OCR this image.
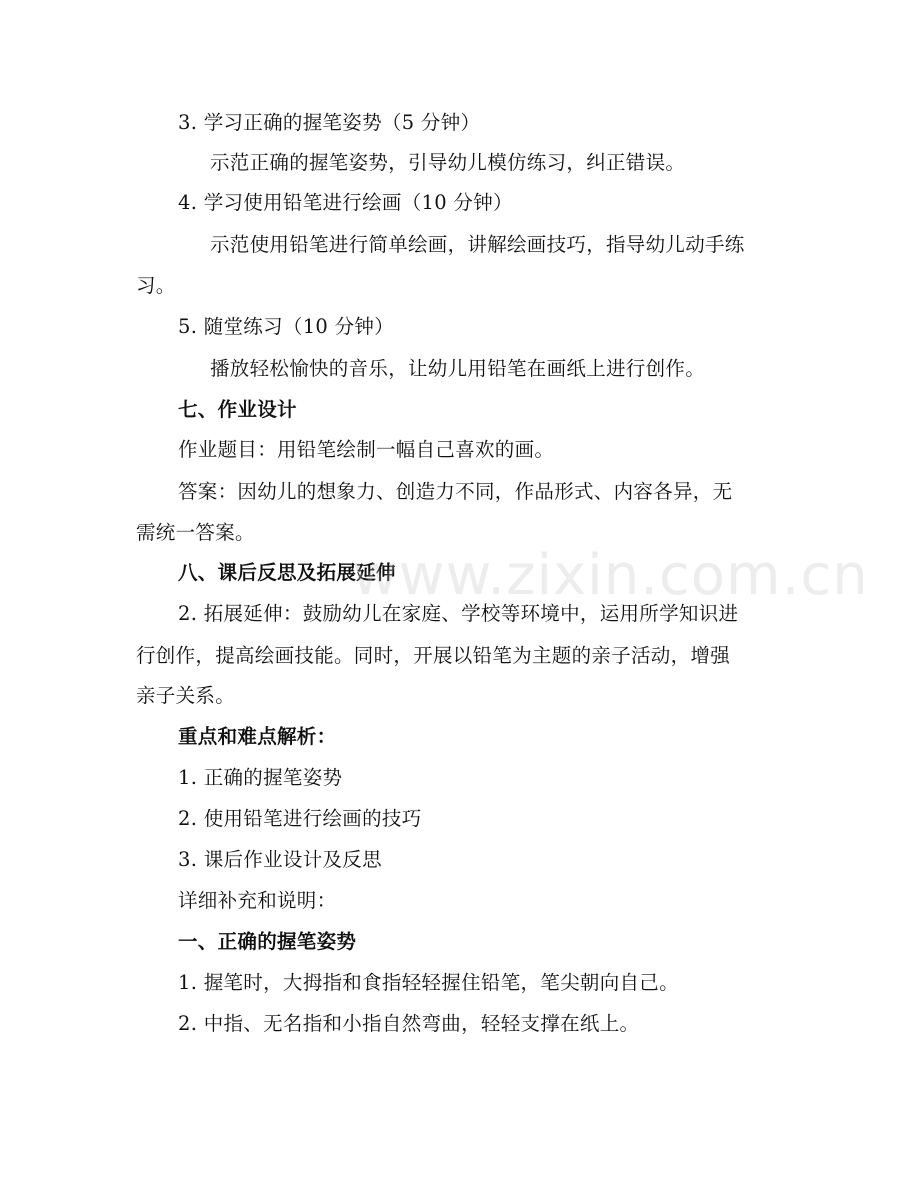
3. 学习正确的握笔姿势（5 分钟）
示范正确的握笔姿势，引导幼儿模仿练习，纠正错误。
4. 学习使用铅笔进行绘画（10 分钟）
示范使用铅笔进行简单绘画，讲解绘画技巧，指导幼儿动手练
习。
5. 随堂练习（10 分钟）
播放轻松愉快的音乐，让幼儿用铅笔在画纸上进行创作。
七、作业设计
作业题目：用铅笔绘制一幅自己喜欢的画。
答案：因幼儿的想象力、创造力不同，作品形式、内容各异，无
需统一答案。
八、课后反思及拓展延伸
2. 拓展延伸：鼓励幼儿在家庭、学校等环境中，运用所学知识进
行创作，提高绘画技能。同时，开展以铅笔为主题的亲子活动，增强
亲子关系。
重点和难点解析：
1. 正确的握笔姿势
2. 使用铅笔进行绘画的技巧
3. 课后作业设计及反思
详细补充和说明：
一、正确的握笔姿势
1. 握笔时，大拇指和食指轻轻握住铅笔，笔尖朝向自己。
2. 中指、无名指和小指自然弯曲，轻轻支撑在纸上。
www.zixin.com.cn
